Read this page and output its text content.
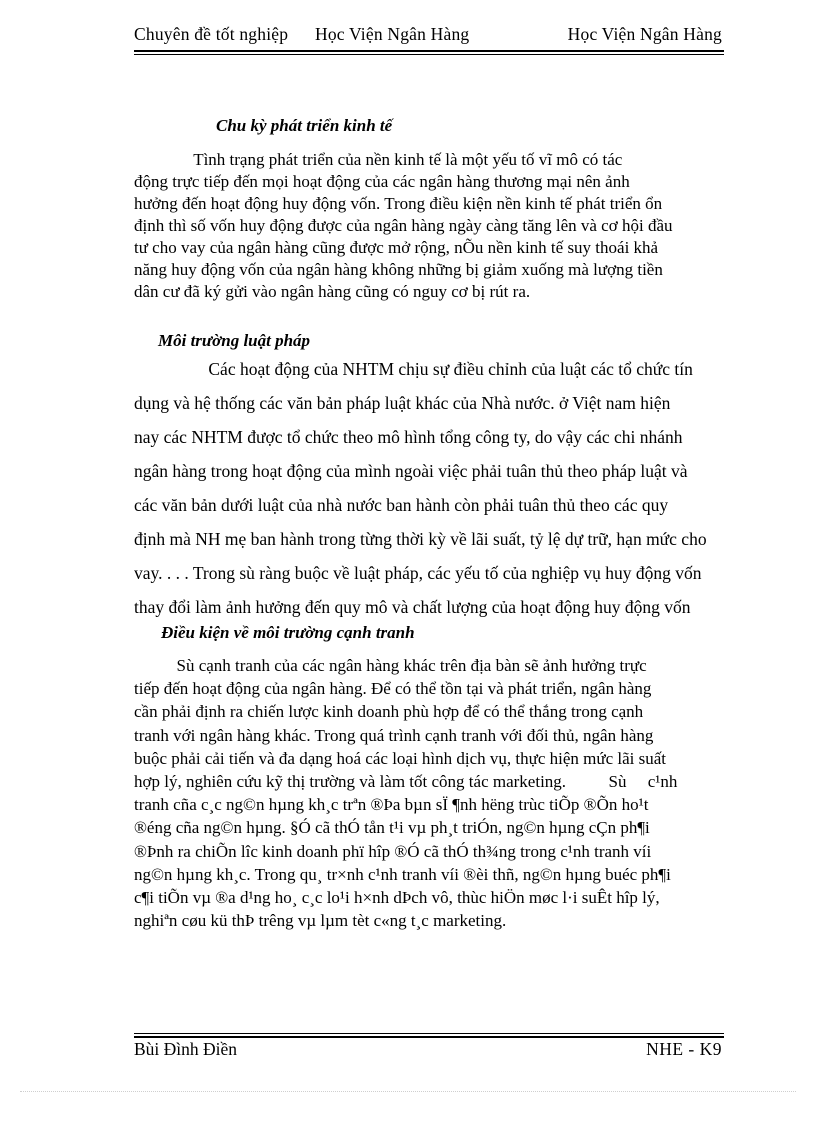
Chuyên đề tốt nghiệp Học Viện Ngân Hàng	Học Viện Ngân Hàng
Chu kỳ phát triển kinh tế
Tình trạng phát triển của nền kinh tế là một yếu tố vĩ mô có tác
động trực tiếp đến mọi hoạt động của các ngân hàng thương mại nên ảnh
hưởng đến hoạt động huy động vốn. Trong điều kiện nền kinh tế phát triển ổn
định thì số vốn huy động được của ngân hàng ngày càng tăng lên và cơ hội đầu
tư cho vay của ngân hàng cũng được mở rộng, nÕu nền kinh tế suy thoái khả
năng huy động vốn của ngân hàng không những bị giảm xuống mà lượng tiền
dân cư đã ký gửi vào ngân hàng cũng có nguy cơ bị rút ra.
Môi trường luật pháp
Các hoạt động của NHTM chịu sự điều chỉnh của luật các tổ chức tín
dụng và hệ thống các văn bản pháp luật khác của Nhà nước. ở Việt nam hiện
nay các NHTM được tổ chức theo mô hình tổng công ty, do vậy các chi nhánh
ngân hàng trong hoạt động của mình ngoài việc phải tuân thủ theo pháp luật và
các văn bản dưới luật của nhà nước ban hành còn phải tuân thủ theo các quy
định mà NH mẹ ban hành trong từng thời kỳ về lãi suất, tỷ lệ dự trữ, hạn mức cho
vay. . . . Trong sù ràng buộc về luật pháp, các yếu tố của nghiệp vụ huy động vốn
thay đổi làm ảnh hưởng đến quy mô và chất lượng của hoạt động huy động vốn
Điều kiện về môi trường cạnh tranh
Sù cạnh tranh của các ngân hàng khác trên địa bàn sẽ ảnh hưởng trực
tiếp đến hoạt động của ngân hàng. Để có thể tồn tại và phát triển, ngân hàng
cần phải định ra chiến lược kinh doanh phù hợp để có thể thắng trong cạnh
tranh với ngân hàng khác. Trong quá trình cạnh tranh với đối thủ, ngân hàng
buộc phải cải tiến và đa dạng hoá các loại hình dịch vụ, thực hiện mức lãi suất
hợp lý, nghiên cứu kỹ thị trường và làm tốt công tác marketing.          Sù     c¹nh
tranh cña c¸c ng©n hµng kh¸c trªn ®Þa bµn sÏ ¶nh hëng trùc tiÕp ®Õn ho¹t
®éng cña ng©n hµng. §Ó cã thÓ tån t¹i vµ ph¸t triÓn, ng©n hµng cÇn ph¶i
®Þnh ra chiÕn lîc kinh doanh phï hîp ®Ó cã thÓ th¾ng trong c¹nh tranh víi
ng©n hµng kh¸c. Trong qu¸ tr×nh c¹nh tranh víi ®èi thñ, ng©n hµng buéc ph¶i
c¶i tiÕn vµ ®a d¹ng ho¸ c¸c lo¹i h×nh dÞch vô, thùc hiÖn møc l·i suÊt hîp lý,
nghiªn cøu kü thÞ trêng vµ lµm tèt c«ng t¸c marketing.
Bùi Đình Điền	NHE - K9
